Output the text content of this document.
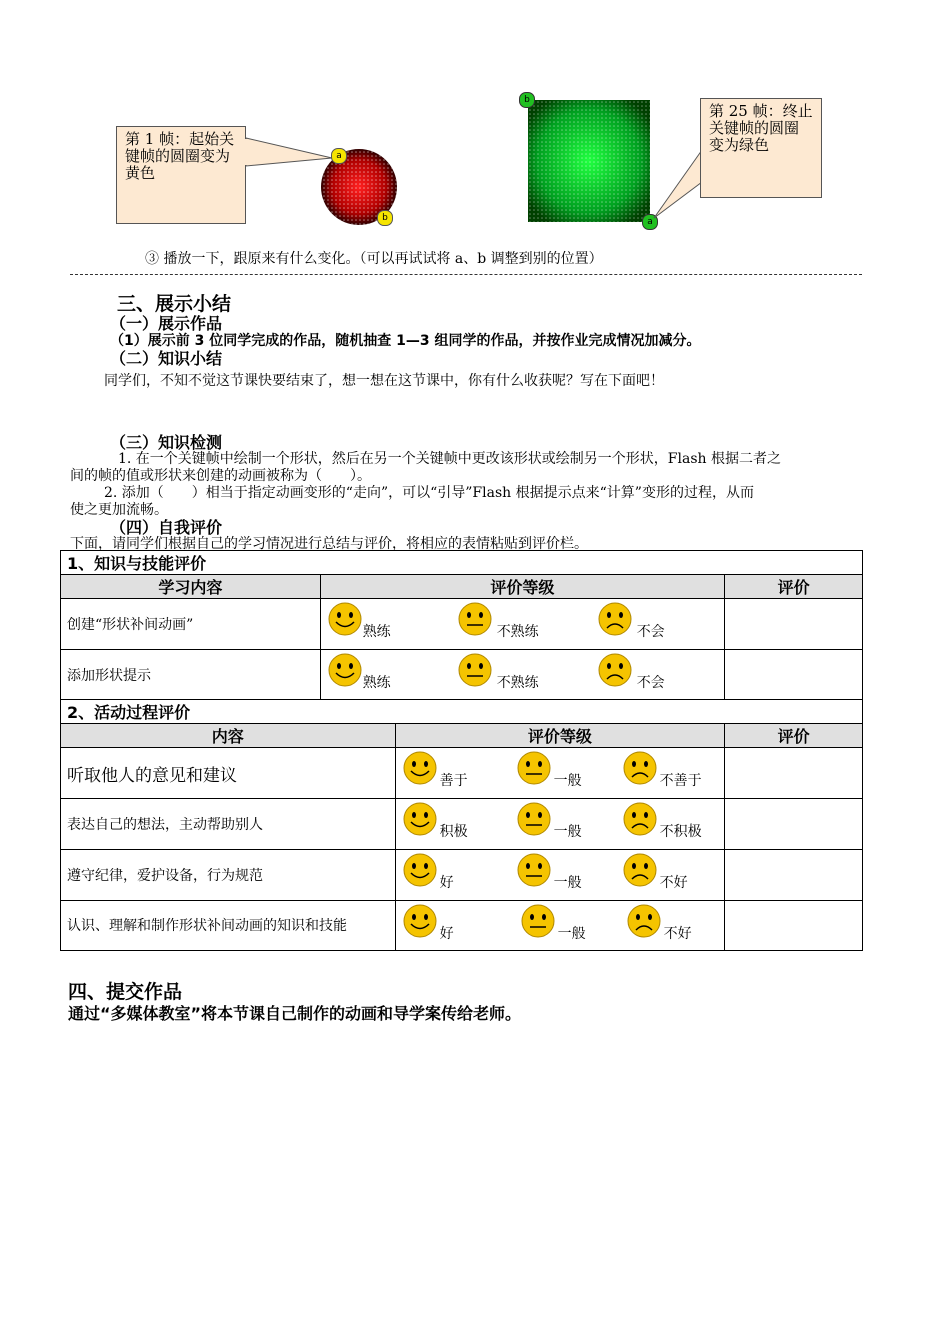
第 1 帧：起始关键帧的圆圈变为黄色
a
b
b
a
第 25 帧：终止关键帧的圆圈变为绿色
③ 播放一下，跟原来有什么变化。（可以再试试将 a、b 调整到别的位置）
三、展示小结
（一）展示作品
（1）展示前 3 位同学完成的作品，随机抽查 1—3 组同学的作品，并按作业完成情况加减分。
（二）知识小结
同学们，不知不觉这节课快要结束了，想一想在这节课中，你有什么收获呢？写在下面吧！
（三）知识检测
1. 在一个关键帧中绘制一个形状，然后在另一个关键帧中更改该形状或绘制另一个形状，Flash 根据二者之
间的帧的值或形状来创建的动画被称为（　　）。
2. 添加（　　）相当于指定动画变形的“走向”，可以“引导”Flash 根据提示点来“计算”变形的过程，从而
使之更加流畅。
（四）自我评价
下面，请同学们根据自己的学习情况进行总结与评价，将相应的表情粘贴到评价栏。
1、知识与技能评价			
学习内容	评价等级		评价
创建“形状补间动画”	熟练 不熟练 不会		

添加形状提示	熟练 不熟练 不会		

2、活动过程评价			
内容		评价等级	评价
听取他人的意见和建议		善于 一般 不善于	

表达自己的想法，主动帮助别人		积极 一般 不积极	

遵守纪律，爱护设备，行为规范		好 一般 不好	

认识、理解和制作形状补间动画的知识和技能		好 一般 不好	

四、提交作品
通过“多媒体教室”将本节课自己制作的动画和导学案传给老师。
